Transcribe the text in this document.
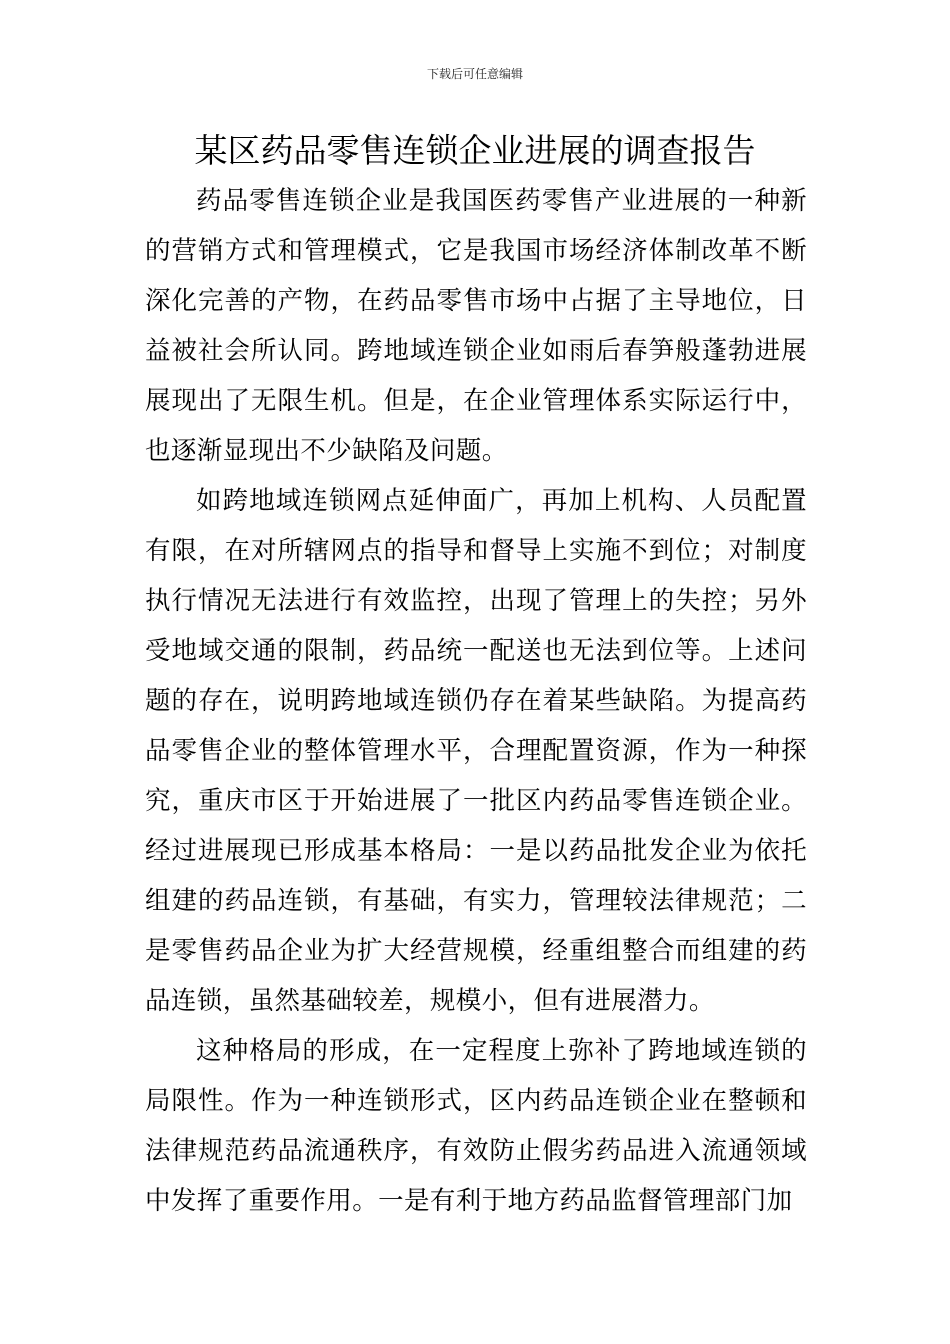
下载后可任意编辑
某区药品零售连锁企业进展的调查报告

药品零售连锁企业是我国医药零售产业进展的一种新的营销方式和管理模式，它是我国市场经济体制改革不断深化完善的产物，在药品零售市场中占据了主导地位，日益被社会所认同。跨地域连锁企业如雨后春笋般蓬勃进展展现出了无限生机。但是，在企业管理体系实际运行中，也逐渐显现出不少缺陷及问题。

如跨地域连锁网点延伸面广，再加上机构、人员配置有限，在对所辖网点的指导和督导上实施不到位；对制度执行情况无法进行有效监控，出现了管理上的失控；另外受地域交通的限制，药品统一配送也无法到位等。上述问题的存在，说明跨地域连锁仍存在着某些缺陷。为提高药品零售企业的整体管理水平，合理配置资源，作为一种探究，重庆市区于开始进展了一批区内药品零售连锁企业。经过进展现已形成基本格局：一是以药品批发企业为依托组建的药品连锁，有基础，有实力，管理较法律规范；二是零售药品企业为扩大经营规模，经重组整合而组建的药品连锁，虽然基础较差，规模小，但有进展潜力。

这种格局的形成，在一定程度上弥补了跨地域连锁的局限性。作为一种连锁形式，区内药品连锁企业在整顿和法律规范药品流通秩序，有效防止假劣药品进入流通领域中发挥了重要作用。一是有利于地方药品监督管理部门加
